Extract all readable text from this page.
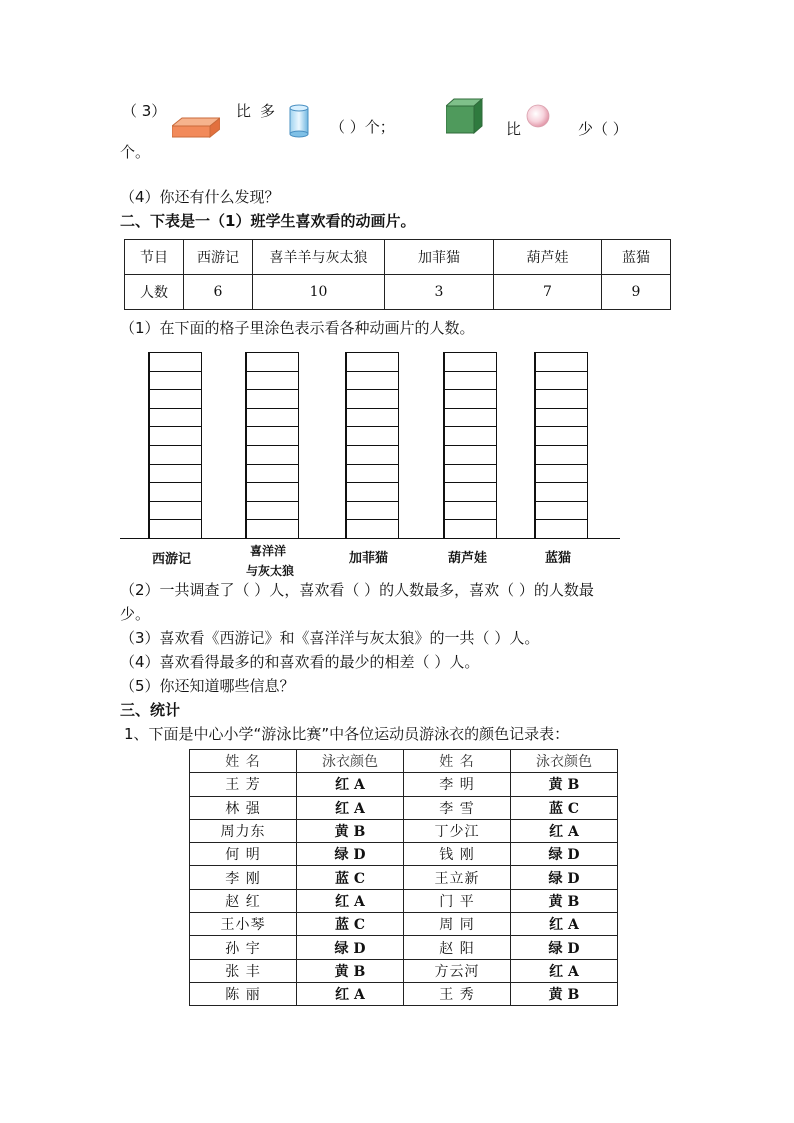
（ 3）	比 多
（ ）个；	比	少（ ）
个。
（4）你还有什么发现？
二、下表是一（1）班学生喜欢看的动画片。
节目	西游记	喜羊羊与灰太狼	加菲猫	葫芦娃	蓝猫
人数	6	10	3	7	9
（1）在下面的格子里涂色表示看各种动画片的人数。
西游记
喜洋洋
与灰太狼
加菲猫	葫芦娃	蓝猫
（2）一共调查了（ ）人，喜欢看（ ）的人数最多，喜欢（ ）的人数最
少。
（3）喜欢看《西游记》和《喜洋洋与灰太狼》的一共（ ）人。
（4）喜欢看得最多的和喜欢看的最少的相差（ ）人。
（5）你还知道哪些信息？
三、统计
1、下面是中心小学“游泳比赛”中各位运动员游泳衣的颜色记录表：
姓 名	泳衣颜色	姓 名	泳衣颜色
王 芳	红 A	李 明	黄 B
林 强	红 A	李 雪	蓝 C
周力东	黄 B	丁少江	红 A
何 明	绿 D	钱 刚	绿 D
李 刚	蓝 C	王立新	绿 D
赵 红	红 A	门 平	黄 B
王小琴	蓝 C	周 同	红 A
孙 宇	绿 D	赵 阳	绿 D
张 丰	黄 B	方云河	红 A
陈 丽	红 A	王 秀	黄 B
